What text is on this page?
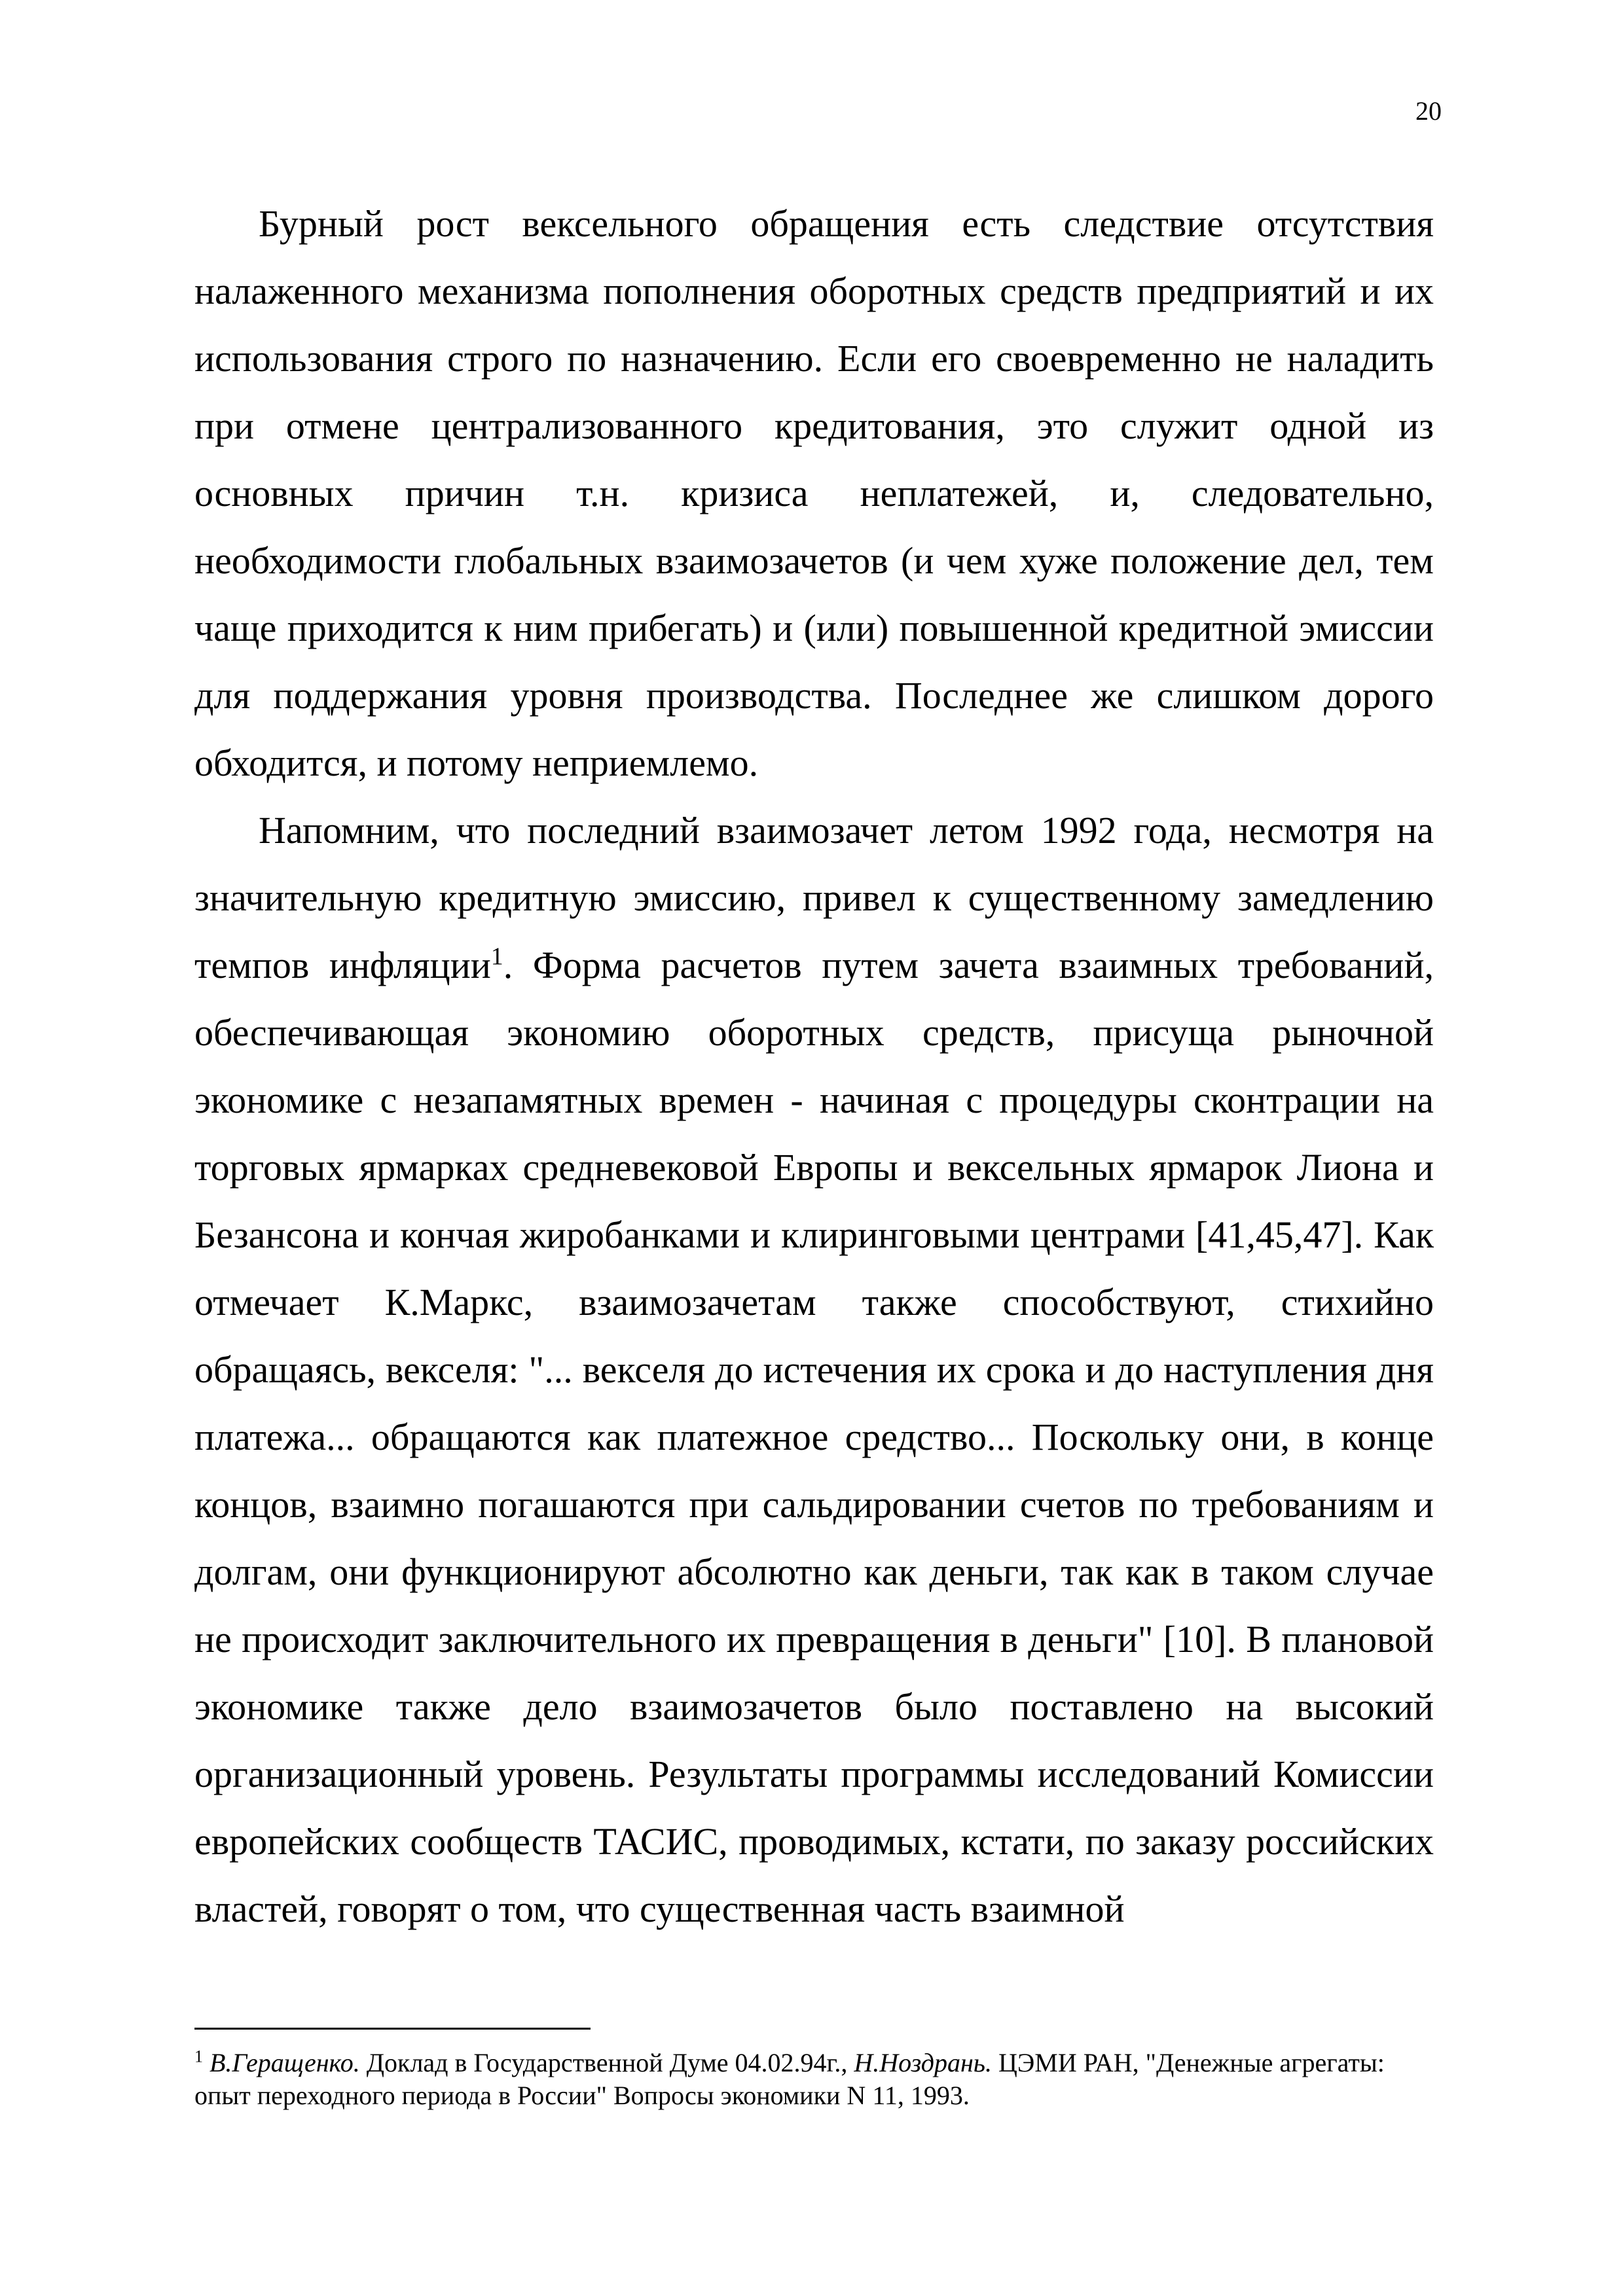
20

Бурный рост вексельного обращения есть следствие отсутствия налаженного механизма пополнения оборотных средств предприятий и их использования строго по назначению. Если его своевременно не наладить при отмене централизованного кредитования, это служит одной из основных причин т.н. кризиса неплатежей, и, следовательно, необходимости глобальных взаимозачетов (и чем хуже положение дел, тем чаще приходится к ним прибегать) и (или) повышенной кредитной эмиссии для поддержания уровня производства. Последнее же слишком дорого обходится, и потому неприемлемо.

Напомним, что последний взаимозачет летом 1992 года, несмотря на значительную кредитную эмиссию, привел к существенному замедлению темпов инфляции$^1$. Форма расчетов путем зачета взаимных требований, обеспечивающая экономию оборотных средств, присуща рыночной экономике с незапамятных времен - начиная с процедуры сконтрации на торговых ярмарках средневековой Европы и вексельных ярмарок Лиона и Безансона и кончая жиробанками и клиринговыми центрами [41,45,47]. Как отмечает К.Маркс, взаимозачетам также способствуют, стихийно обращаясь, векселя: "... векселя до истечения их срока и до наступления дня платежа... обращаются как платежное средство... Поскольку они, в конце концов, взаимно погашаются при сальдировании счетов по требованиям и долгам, они функционируют абсолютно как деньги, так как в таком случае не происходит заключительного их превращения в деньги" [10]. В плановой экономике также дело взаимозачетов было поставлено на высокий организационный уровень. Результаты программы исследований Комиссии европейских сообществ ТАСИС, проводимых, кстати, по заказу российских властей, говорят о том, что существенная часть взаимной

$^1$ В.Геращенко. Доклад в Государственной Думе 04.02.94г., Н.Ноздрань. ЦЭМИ РАН, "Денежные агрегаты: опыт переходного периода в России" Вопросы экономики N 11, 1993.
